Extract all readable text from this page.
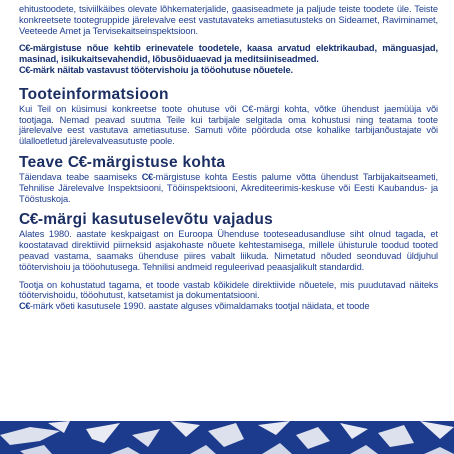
ehitustoodete, tsiviilkäibes olevate lõhkematerjalide, gaasiseadmete ja paljude teiste toodete üle. Teiste konkreetsete tootegruppide järelevalve eest vastutavateks ametiasutusteks on Sideamet, Raviminamet, Veeteede Amet ja Tervisekaitseinspektsioon.

C€-märgistuse nõue kehtib erinevatele toodetele, kaasa arvatud elektrikaubad, mänguasjad, masinad, isikukaitsevahendid, lõbusõiduaevad ja meditsiiniseadmed.

C€-märk näitab vastavust töötervishoiu ja tööohutuse nõuetele.

Tooteinformatsioon

Kui Teil on küsimusi konkreetse toote ohutuse või C€-märgi kohta, võtke ühendust jaemüüja või tootjaga. Nemad peavad suutma Teile kui tarbijale selgitada oma kohustusi ning teatama toote järelevalve eest vastutava ametiasutuse. Samuti võite pöörduda otse kohalike tarbijanõustajate või ülalloetletud järelevalveasutuste poole.

Teave C€-märgistuse kohta

Täiendava teabe saamiseks C€-märgistuse kohta Eestis palume võtta ühendust Tarbijakaitseameti, Tehnilise Järelevalve Inspektsiooni, Tööinspektsiooni, Akrediteerimis-keskuse või Eesti Kaubandus- ja Tööstuskoja.

C€-märgi kasutuselevõtu vajadus

Alates 1980. aastate keskpaigast on Euroopa Ühenduse tooteseadusandluse siht olnud tagada, et koostatavad direktiivid piirneksid asjakohaste nõuete kehtestamisega, millele ühisturule toodud tooted peavad vastama, saamaks ühenduse piires vabalt liikuda. Nimetatud nõuded seonduvad üldjuhul töötervishoiu ja tööohutusega. Tehnilisi andmeid reguleerivad peaasjalikult standardid.

Tootja on kohustatud tagama, et toode vastab kõikidele direktiivide nõuetele, mis puudutavad näiteks töötervishoidu, tööohutust, katsetamist ja dokumentatsiooni.

C€-märk võeti kasutusele 1990. aastate alguses võimaldamaks tootjal näidata, et toode
